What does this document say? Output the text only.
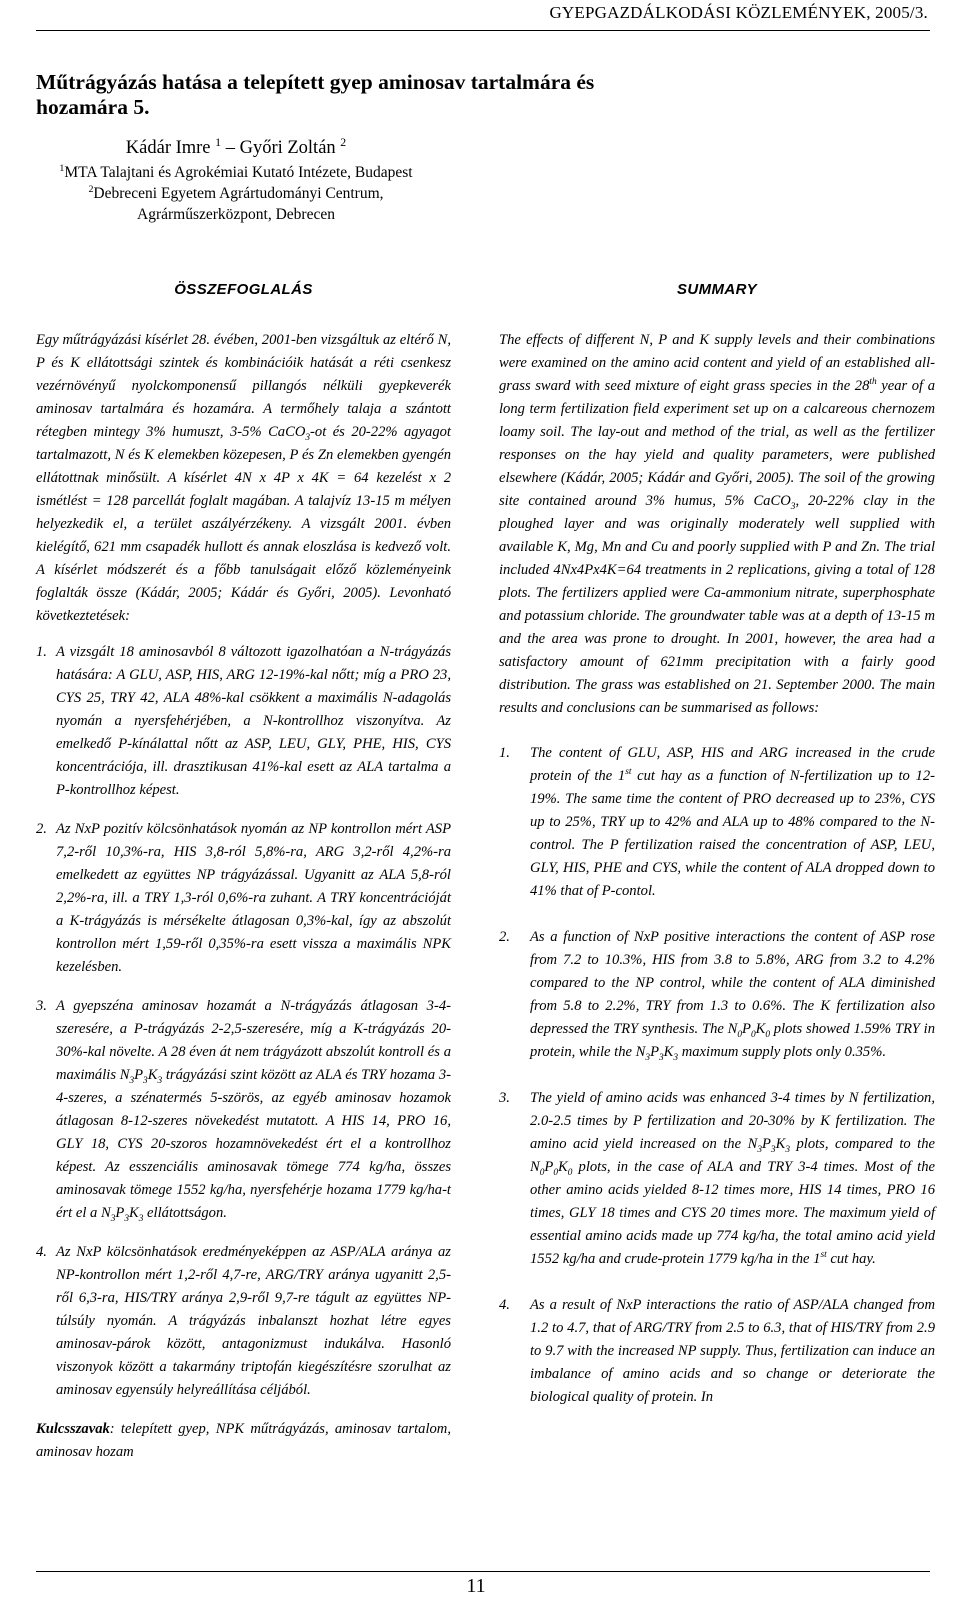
GYEPGAZDÁLKODÁSI KÖZLEMÉNYEK, 2005/3.
Műtrágyázás hatása a telepített gyep aminosav tartalmára és hozamára 5.
Kádár Imre $^1$ – Győri Zoltán $^2$
$^1$MTA Talajtani és Agrokémiai Kutató Intézete, Budapest
$^2$Debreceni Egyetem Agrártudományi Centrum,
Agrárműszerközpont, Debrecen
ÖSSZEFOGLALÁS

Egy műtrágyázási kísérlet 28. évében, 2001-ben vizsgáltuk az eltérő N, P és K ellátottsági szintek és kombinációik hatását a réti csenkesz vezérnövényű nyolckomponensű pillangós nélküli gyepkeverék aminosav tartalmára és hozamára. A termőhely talaja a szántott rétegben mintegy 3% humuszt, 3-5% CaCO$_3$-ot és 20-22% agyagot tartalmazott, N és K elemekben közepesen, P és Zn elemekben gyengén ellátottnak minősült. A kísérlet 4N x 4P x 4K = 64 kezelést x 2 ismétlést = 128 parcellát foglalt magában. A talajvíz 13-15 m mélyen helyezkedik el, a terület aszályérzékeny. A vizsgált 2001. évben kielégítő, 621 mm csapadék hullott és annak eloszlása is kedvező volt. A kísérlet módszerét és a főbb tanulságait előző közleményeink foglalták össze (Kádár, 2005; Kádár és Győri, 2005). Levonható következtetések:

1. A vizsgált 18 aminosavból 8 változott igazolhatóan a N-trágyázás hatására: A GLU, ASP, HIS, ARG 12-19%-kal nőtt; míg a PRO 23, CYS 25, TRY 42, ALA 48%-kal csökkent a maximális N-adagolás nyomán a nyersfehérjében, a N-kontrollhoz viszonyítva. Az emelkedő P-kínálattal nőtt az ASP, LEU, GLY, PHE, HIS, CYS koncentrációja, ill. drasztikusan 41%-kal esett az ALA tartalma a P-kontrollhoz képest.
2. Az NxP pozitív kölcsönhatások nyomán az NP kontrollon mért ASP 7,2-ről 10,3%-ra, HIS 3,8-ról 5,8%-ra, ARG 3,2-ről 4,2%-ra emelkedett az együttes NP trágyázással. Ugyanitt az ALA 5,8-ról 2,2%-ra, ill. a TRY 1,3-ról 0,6%-ra zuhant. A TRY koncentrációját a K-trágyázás is mérsékelte átlagosan 0,3%-kal, így az abszolút kontrollon mért 1,59-ről 0,35%-ra esett vissza a maximális NPK kezelésben.
3. A gyepszéna aminosav hozamát a N-trágyázás átlagosan 3-4-szeresére, a P-trágyázás 2-2,5-szeresére, míg a K-trágyázás 20-30%-kal növelte. A 28 éven át nem trágyázott abszolút kontroll és a maximális $N_3P_3K_3$ trágyázási szint között az ALA és TRY hozama 3-4-szeres, a szénatermés 5-szörös, az egyéb aminosav hozamok átlagosan 8-12-szeres növekedést mutatott. A HIS 14, PRO 16, GLY 18, CYS 20-szoros hozamnövekedést ért el a kontrollhoz képest. Az esszenciális aminosavak tömege 774 kg/ha, összes aminosavak tömege 1552 kg/ha, nyersfehérje hozama 1779 kg/ha-t ért el a $N_3P_3K_3$ ellátottságon.
4. Az NxP kölcsönhatások eredményeképpen az ASP/ALA aránya az NP-kontrollon mért 1,2-ről 4,7-re, ARG/TRY aránya ugyanitt 2,5-ről 6,3-ra, HIS/TRY aránya 2,9-ről 9,7-re tágult az együttes NP-túlsúly nyomán. A trágyázás inbalanszt hozhat létre egyes aminosav-párok között, antagonizmust indukálva. Hasonló viszonyok között a takarmány triptofán kiegészítésre szorulhat az aminosav egyensúly helyreállítása céljából.

Kulcsszavak: telepített gyep, NPK műtrágyázás, aminosav tartalom, aminosav hozam

SUMMARY

The effects of different N, P and K supply levels and their combinations were examined on the amino acid content and yield of an established all-grass sward with seed mixture of eight grass species in the 28th year of a long term fertilization field experiment set up on a calcareous chernozem loamy soil. The lay-out and method of the trial, as well as the fertilizer responses on the hay yield and quality parameters, were published elsewhere (Kádár, 2005; Kádár and Győri, 2005). The soil of the growing site contained around 3% humus, 5% CaCO$_3$, 20-22% clay in the ploughed layer and was originally moderately well supplied with available K, Mg, Mn and Cu and poorly supplied with P and Zn. The trial included 4Nx4Px4K=64 treatments in 2 replications, giving a total of 128 plots. The fertilizers applied were Ca-ammonium nitrate, superphosphate and potassium chloride. The groundwater table was at a depth of 13-15 m and the area was prone to drought. In 2001, however, the area had a satisfactory amount of 621mm precipitation with a fairly good distribution. The grass was established on 21. September 2000. The main results and conclusions can be summarised as follows:

1.	The content of GLU, ASP, HIS and ARG increased in the crude protein of the 1st cut hay as a function of N-fertilization up to 12-19%. The same time the content of PRO decreased up to 23%, CYS up to 25%, TRY up to 42% and ALA up to 48% compared to the N-control. The P fertilization raised the concentration of ASP, LEU, GLY, HIS, PHE and CYS, while the content of ALA dropped down to 41% that of P-contol.
2.	As a function of NxP positive interactions the content of ASP rose from 7.2 to 10.3%, HIS from 3.8 to 5.8%, ARG from 3.2 to 4.2% compared to the NP control, while the content of ALA diminished from 5.8 to 2.2%, TRY from 1.3 to 0.6%. The K fertilization also depressed the TRY synthesis. The $N_0P_0K_0$ plots showed 1.59% TRY in protein, while the $N_3P_3K_3$ maximum supply plots only 0.35%.
3.	The yield of amino acids was enhanced 3-4 times by N fertilization, 2.0-2.5 times by P fertilization and 20-30% by K fertilization. The amino acid yield increased on the $N_3P_3K_3$ plots, compared to the $N_0P_0K_0$ plots, in the case of ALA and TRY 3-4 times. Most of the other amino acids yielded 8-12 times more, HIS 14 times, PRO 16 times, GLY 18 times and CYS 20 times more. The maximum yield of essential amino acids made up 774 kg/ha, the total amino acid yield 1552 kg/ha and crude-protein 1779 kg/ha in the 1st cut hay.
4.	As a result of NxP interactions the ratio of ASP/ALA changed from 1.2 to 4.7, that of ARG/TRY from 2.5 to 6.3, that of HIS/TRY from 2.9 to 9.7 with the increased NP supply. Thus, fertilization can induce an imbalance of amino acids and so change or deteriorate the biological quality of protein. In
11
